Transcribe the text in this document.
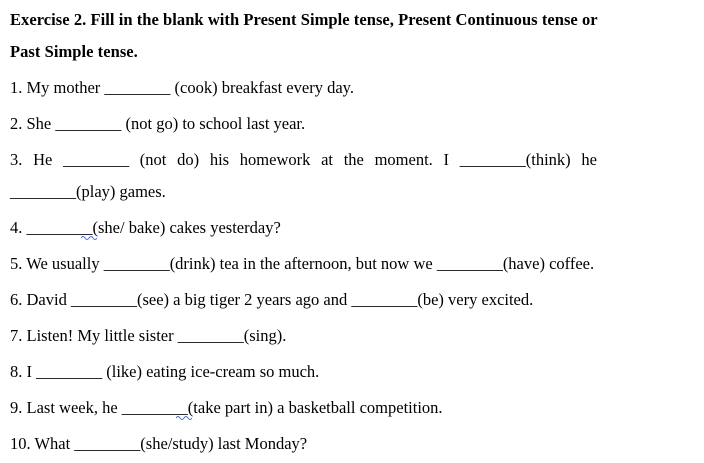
Exercise 2. Fill in the blank with Present Simple tense, Present Continuous tense or
Past Simple tense.
1. My mother ________ (cook) breakfast every day.
2. She ________ (not go) to school last year.
3. He ________ (not do) his homework at the moment. I ________(think) he
________(play) games.
4. ________
(she/ bake) cakes yesterday?
5. We usually ________(drink) tea in the afternoon, but now we ________(have) coffee.
6. David ________(see) a big tiger 2 years ago and ________(be) very excited.
7. Listen! My little sister ________(sing).
8. I ________ (like) eating ice-cream so much.
9. Last week, he ________
(take part in) a basketball competition.
10. What ________(she/study) last Monday?
